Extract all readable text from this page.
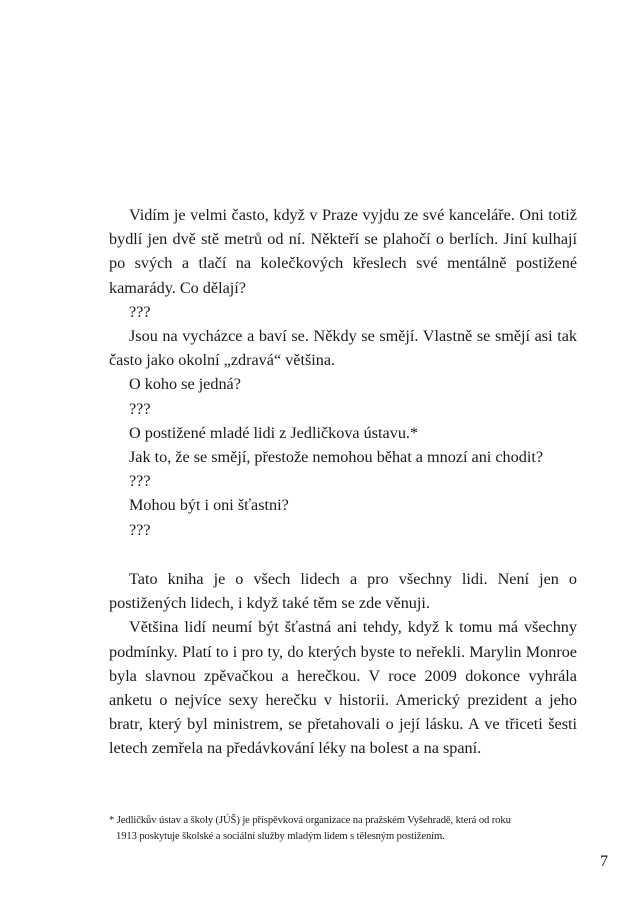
Vidím je velmi často, když v Praze vyjdu ze své kanceláře. Oni totiž bydlí jen dvě stě metrů od ní. Někteří se plahočí o berlích. Jiní kulhají po svých a tlačí na kolečkových křeslech své mentálně postižené kamarády. Co dělají?

???

Jsou na vycházce a baví se. Někdy se smějí. Vlastně se smějí asi tak často jako okolní „zdravá“ většina.

O koho se jedná?

???

O postižené mladé lidi z Jedličkova ústavu.*

Jak to, že se smějí, přestože nemohou běhat a mnozí ani chodit?

???

Mohou být i oni šťastni?

???

Tato kniha je o všech lidech a pro všechny lidi. Není jen o postižených lidech, i když také těm se zde věnuji.

Většina lidí neumí být šťastná ani tehdy, když k tomu má všechny podmínky. Platí to i pro ty, do kterých byste to neřekli. Marylin Monroe byla slavnou zpěvačkou a herečkou. V roce 2009 dokonce vyhrála anketu o nejvíce sexy herečku v historii. Americký prezident a jeho bratr, který byl ministrem, se přetahovali o její lásku. A ve třiceti šesti letech zemřela na předávkování léky na bolest a na spaní.

* Jedličkův ústav a školy (JÚŠ) je příspěvková organizace na pražském Vyšehradě, která od roku
1913 poskytuje školské a sociální služby mladým lidem s tělesným postižením.
7
